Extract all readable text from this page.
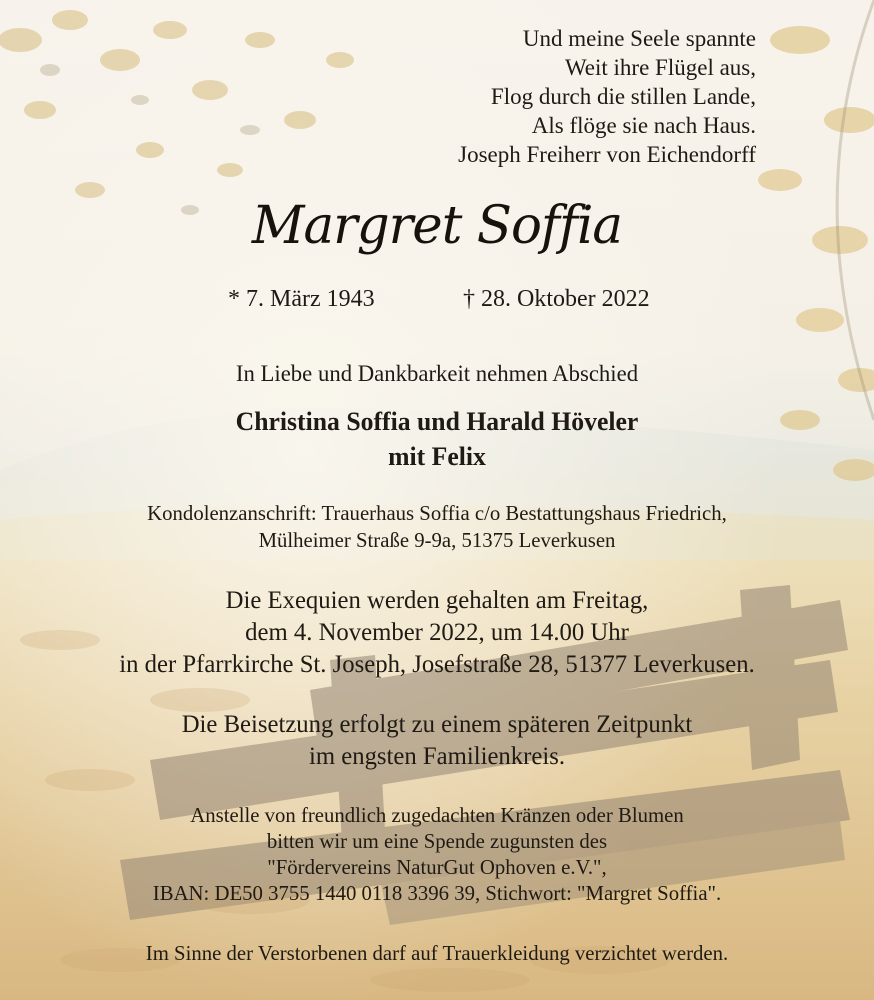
Und meine Seele spannte
Weit ihre Flügel aus,
Flog durch die stillen Lande,
Als flöge sie nach Haus.
Joseph Freiherr von Eichendorff
Margret Soffia
* 7. März 1943	† 28. Oktober 2022
In Liebe und Dankbarkeit nehmen Abschied
Christina Soffia und Harald Höveler
mit Felix
Kondolenzanschrift: Trauerhaus Soffia c/o Bestattungshaus Friedrich,
Mülheimer Straße 9-9a, 51375 Leverkusen
Die Exequien werden gehalten am Freitag,
dem 4. November 2022, um 14.00 Uhr
in der Pfarrkirche St. Joseph, Josefstraße 28, 51377 Leverkusen.
Die Beisetzung erfolgt zu einem späteren Zeitpunkt
im engsten Familienkreis.
Anstelle von freundlich zugedachten Kränzen oder Blumen
bitten wir um eine Spende zugunsten des
"Fördervereins NaturGut Ophoven e.V.",
IBAN: DE50 3755 1440 0118 3396 39, Stichwort: "Margret Soffia".
Im Sinne der Verstorbenen darf auf Trauerkleidung verzichtet werden.
